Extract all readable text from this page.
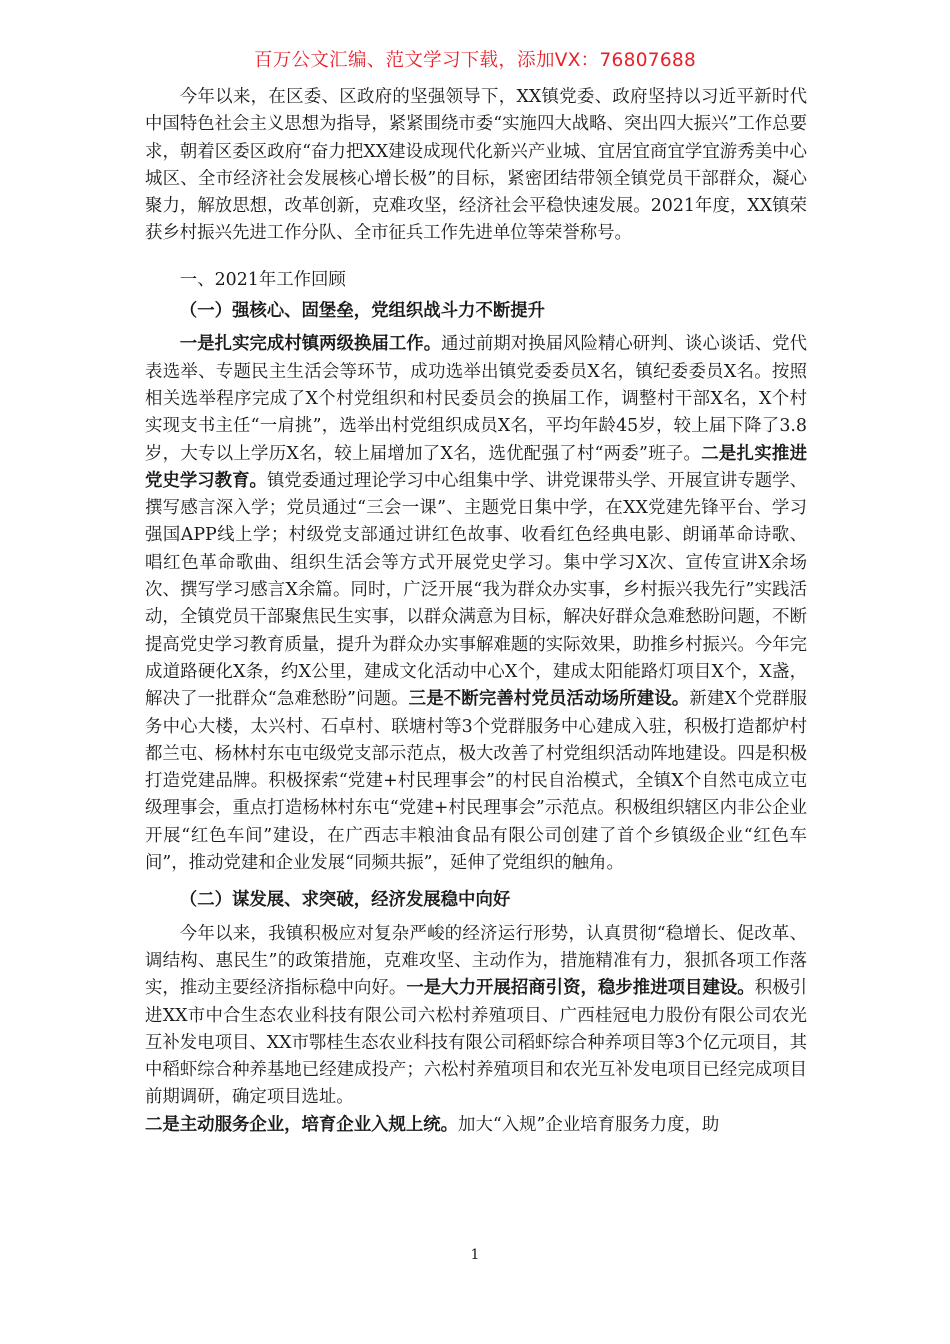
百万公文汇编、范文学习下载，添加VX：76807688

今年以来，在区委、区政府的坚强领导下，XX镇党委、政府坚持以习近平新时代中国特色社会主义思想为指导，紧紧围绕市委“实施四大战略、突出四大振兴”工作总要求，朝着区委区政府“奋力把XX建设成现代化新兴产业城、宜居宜商宜学宜游秀美中心城区、全市经济社会发展核心增长极”的目标，紧密团结带领全镇党员干部群众，凝心聚力，解放思想，改革创新，克难攻坚，经济社会平稳快速发展。2021年度，XX镇荣获乡村振兴先进工作分队、全市征兵工作先进单位等荣誉称号。

一、2021年工作回顾

（一）强核心、固堡垒，党组织战斗力不断提升

一是扎实完成村镇两级换届工作。通过前期对换届风险精心研判、谈心谈话、党代表选举、专题民主生活会等环节，成功选举出镇党委委员X名，镇纪委委员X名。按照相关选举程序完成了X个村党组织和村民委员会的换届工作，调整村干部X名，X个村实现支书主任“一肩挑”，选举出村党组织成员X名，平均年龄45岁，较上届下降了3.8岁，大专以上学历X名，较上届增加了X名，选优配强了村“两委”班子。二是扎实推进党史学习教育。镇党委通过理论学习中心组集中学、讲党课带头学、开展宣讲专题学、撰写感言深入学；党员通过“三会一课”、主题党日集中学，在XX党建先锋平台、学习强国APP线上学；村级党支部通过讲红色故事、收看红色经典电影、朗诵革命诗歌、唱红色革命歌曲、组织生活会等方式开展党史学习。集中学习X次、宣传宣讲X余场次、撰写学习感言X余篇。同时，广泛开展“我为群众办实事，乡村振兴我先行”实践活动，全镇党员干部聚焦民生实事，以群众满意为目标，解决好群众急难愁盼问题，不断提高党史学习教育质量，提升为群众办实事解难题的实际效果，助推乡村振兴。今年完成道路硬化X条，约X公里，建成文化活动中心X个，建成太阳能路灯项目X个，X盏，解决了一批群众“急难愁盼”问题。三是不断完善村党员活动场所建设。新建X个党群服务中心大楼，太兴村、石卓村、联塘村等3个党群服务中心建成入驻，积极打造都炉村都兰屯、杨林村东屯屯级党支部示范点，极大改善了村党组织活动阵地建设。四是积极打造党建品牌。积极探索“党建+村民理事会”的村民自治模式，全镇X个自然屯成立屯级理事会，重点打造杨林村东屯“党建+村民理事会”示范点。积极组织辖区内非公企业开展“红色车间”建设，在广西志丰粮油食品有限公司创建了首个乡镇级企业“红色车间”，推动党建和企业发展“同频共振”，延伸了党组织的触角。

（二）谋发展、求突破，经济发展稳中向好

今年以来，我镇积极应对复杂严峻的经济运行形势，认真贯彻“稳增长、促改革、调结构、惠民生”的政策措施，克难攻坚、主动作为，措施精准有力，狠抓各项工作落实，推动主要经济指标稳中向好。一是大力开展招商引资，稳步推进项目建设。积极引进XX市中合生态农业科技有限公司六松村养殖项目、广西桂冠电力股份有限公司农光互补发电项目、XX市鄂桂生态农业科技有限公司稻虾综合种养项目等3个亿元项目，其中稻虾综合种养基地已经建成投产；六松村养殖项目和农光互补发电项目已经完成项目前期调研，确定项目选址。
二是主动服务企业，培育企业入规上统。加大“入规”企业培育服务力度，助

1
